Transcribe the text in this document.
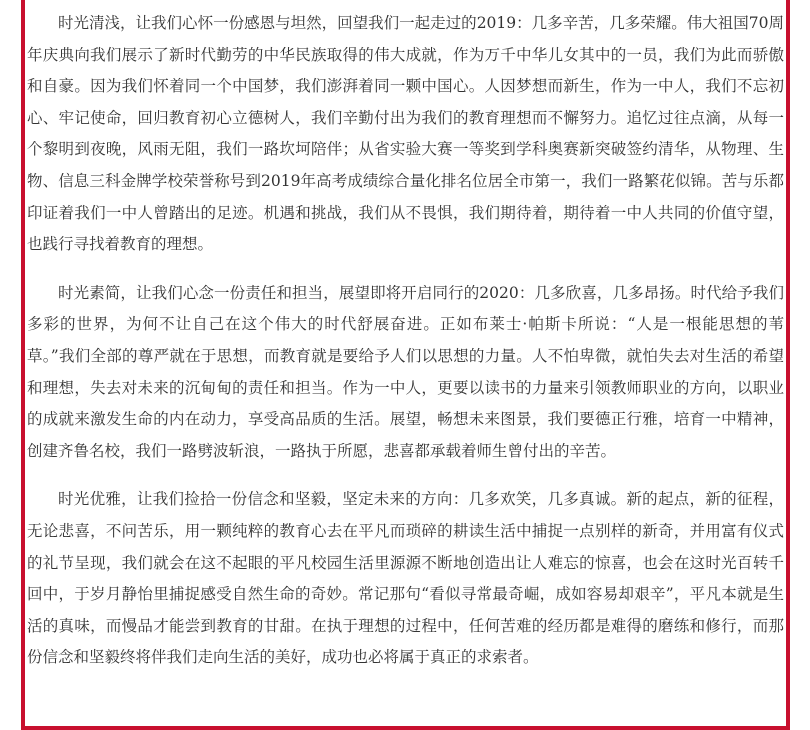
时光清浅，让我们心怀一份感恩与坦然，回望我们一起走过的2019：几多辛苦，几多荣耀。伟大祖国70周年庆典向我们展示了新时代勤劳的中华民族取得的伟大成就，作为万千中华儿女其中的一员，我们为此而骄傲和自豪。因为我们怀着同一个中国梦，我们澎湃着同一颗中国心。人因梦想而新生，作为一中人，我们不忘初心、牢记使命，回归教育初心立德树人，我们辛勤付出为我们的教育理想而不懈努力。追忆过往点滴，从每一个黎明到夜晚，风雨无阻，我们一路坎坷陪伴；从省实验大赛一等奖到学科奥赛新突破签约清华，从物理、生物、信息三科金牌学校荣誉称号到2019年高考成绩综合量化排名位居全市第一，我们一路繁花似锦。苦与乐都印证着我们一中人曾踏出的足迹。机遇和挑战，我们从不畏惧，我们期待着，期待着一中人共同的价值守望，也践行寻找着教育的理想。

时光素简，让我们心念一份责任和担当，展望即将开启同行的2020：几多欣喜，几多昂扬。时代给予我们多彩的世界，为何不让自己在这个伟大的时代舒展奋进。正如布莱士·帕斯卡所说：“人是一根能思想的苇草。”我们全部的尊严就在于思想，而教育就是要给予人们以思想的力量。人不怕卑微，就怕失去对生活的希望和理想，失去对未来的沉甸甸的责任和担当。作为一中人，更要以读书的力量来引领教师职业的方向，以职业的成就来激发生命的内在动力，享受高品质的生活。展望，畅想未来图景，我们要德正行雅，培育一中精神，创建齐鲁名校，我们一路劈波斩浪，一路执于所愿，悲喜都承载着师生曾付出的辛苦。

时光优雅，让我们捡拾一份信念和坚毅，坚定未来的方向：几多欢笑，几多真诚。新的起点，新的征程，无论悲喜，不问苦乐，用一颗纯粹的教育心去在平凡而琐碎的耕读生活中捕捉一点别样的新奇，并用富有仪式的礼节呈现，我们就会在这不起眼的平凡校园生活里源源不断地创造出让人难忘的惊喜，也会在这时光百转千回中，于岁月静怡里捕捉感受自然生命的奇妙。常记那句“看似寻常最奇崛，成如容易却艰辛”，平凡本就是生活的真味，而慢品才能尝到教育的甘甜。在执于理想的过程中，任何苦难的经历都是难得的磨练和修行，而那份信念和坚毅终将伴我们走向生活的美好，成功也必将属于真正的求索者。
